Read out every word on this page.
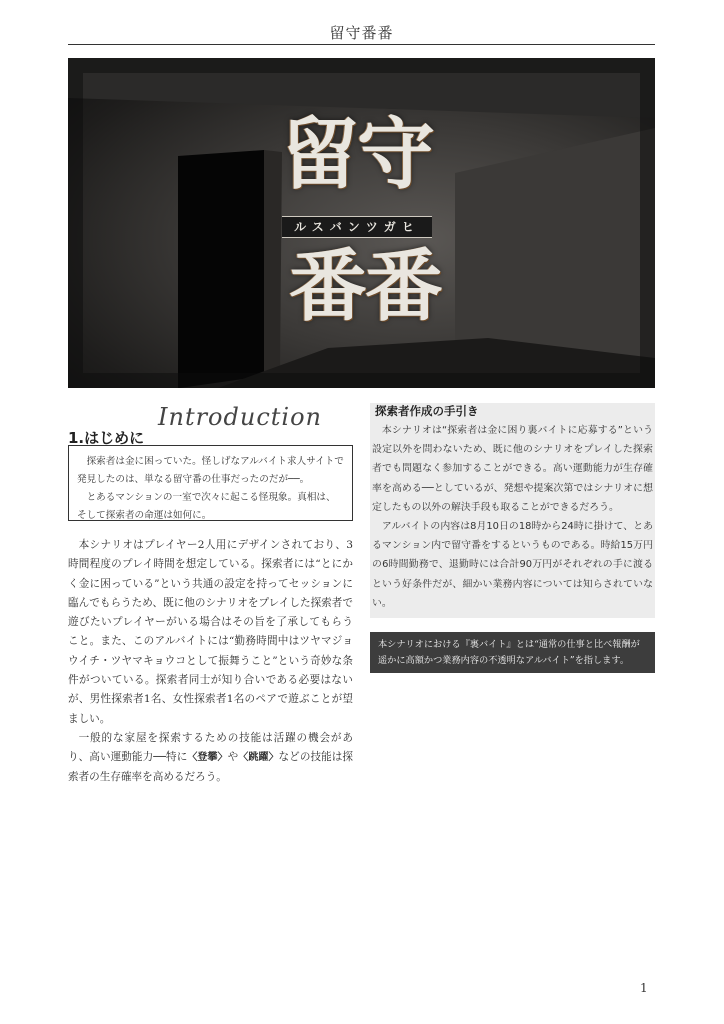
留守番番
留守
ルスバンツガヒ
番番
Introduction
1.はじめに

探索者は金に困っていた。怪しげなアルバイト求人サイトで発見したのは、単なる留守番の仕事だったのだが──。

とあるマンションの一室で次々に起こる怪現象。真相は、そして探索者の命運は如何に。

本シナリオはプレイヤー2人用にデザインされており、3時間程度のプレイ時間を想定している。探索者には“とにかく金に困っている”という共通の設定を持ってセッションに臨んでもらうため、既に他のシナリオをプレイした探索者で遊びたいプレイヤーがいる場合はその旨を了承してもらうこと。また、このアルバイトには“勤務時間中はツヤマジョウイチ・ツヤマキョウコとして振舞うこと”という奇妙な条件がついている。探索者同士が知り合いである必要はないが、男性探索者1名、女性探索者1名のペアで遊ぶことが望ましい。

一般的な家屋を探索するための技能は活躍の機会があり、高い運動能力──特に〈登攀〉や〈跳躍〉などの技能は探索者の生存確率を高めるだろう。

探索者作成の手引き

本シナリオは“探索者は金に困り裏バイトに応募する”という設定以外を問わないため、既に他のシナリオをプレイした探索者でも問題なく参加することができる。高い運動能力が生存確率を高める──としているが、発想や提案次第ではシナリオに想定したもの以外の解決手段も取ることができるだろう。

アルバイトの内容は8月10日の18時から24時に掛けて、とあるマンション内で留守番をするというものである。時給15万円の6時間勤務で、退勤時には合計90万円がそれぞれの手に渡るという好条件だが、細かい業務内容については知らされていない。

本シナリオにおける『裏バイト』とは“通常の仕事と比べ報酬が遥かに高額かつ業務内容の不透明なアルバイト”を指します。
1
